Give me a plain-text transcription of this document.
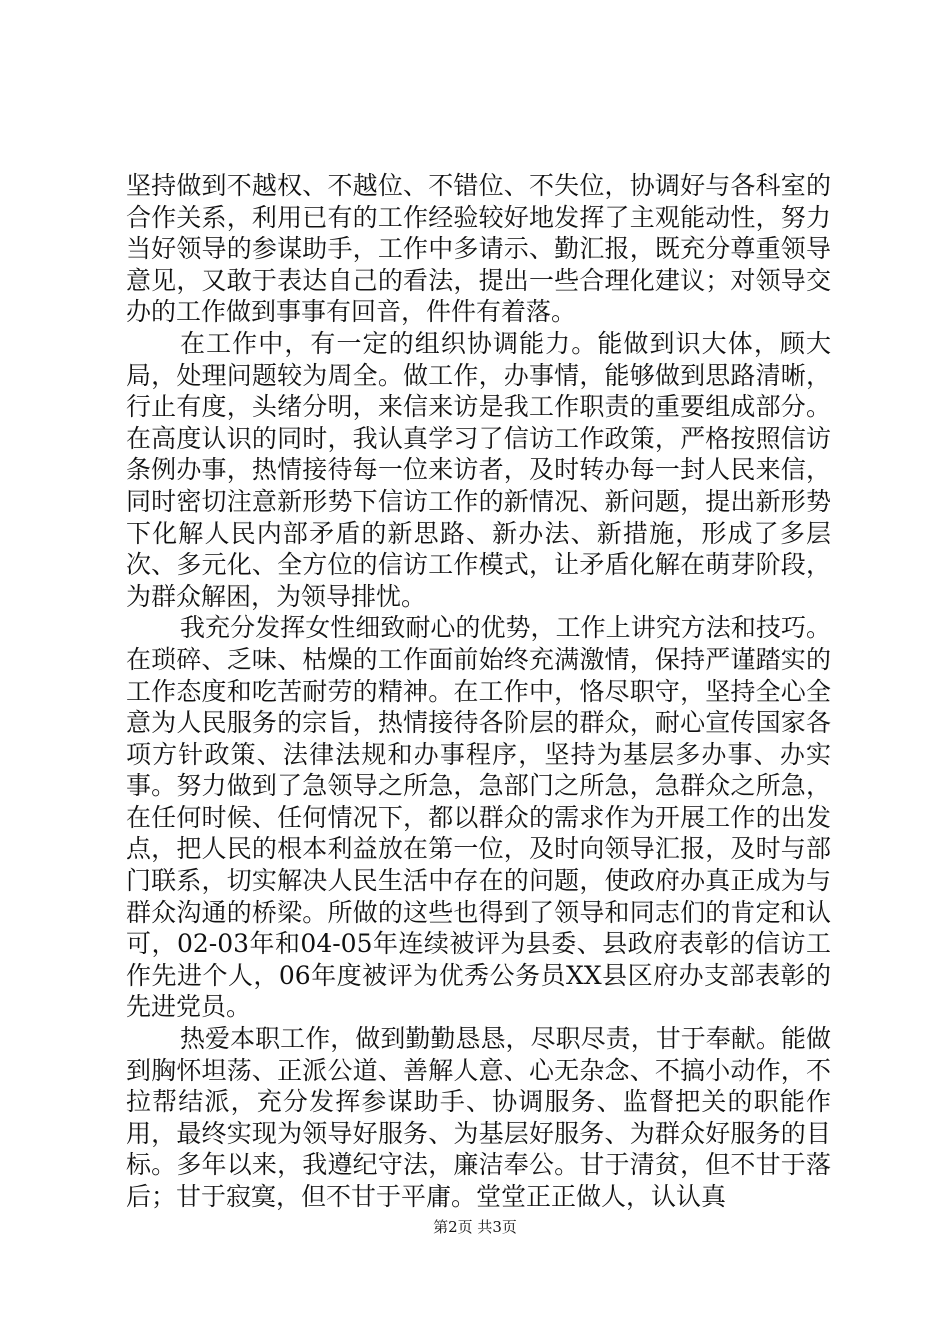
坚持做到不越权、不越位、不错位、不失位，协调好与各科室的合作关系，利用已有的工作经验较好地发挥了主观能动性，努力当好领导的参谋助手，工作中多请示、勤汇报，既充分尊重领导意见，又敢于表达自己的看法，提出一些合理化建议；对领导交办的工作做到事事有回音，件件有着落。

在工作中，有一定的组织协调能力。能做到识大体，顾大局，处理问题较为周全。做工作，办事情，能够做到思路清晰，行止有度，头绪分明，来信来访是我工作职责的重要组成部分。在高度认识的同时，我认真学习了信访工作政策，严格按照信访条例办事，热情接待每一位来访者，及时转办每一封人民来信，同时密切注意新形势下信访工作的新情况、新问题，提出新形势下化解人民内部矛盾的新思路、新办法、新措施，形成了多层次、多元化、全方位的信访工作模式，让矛盾化解在萌芽阶段，为群众解困，为领导排忧。

我充分发挥女性细致耐心的优势，工作上讲究方法和技巧。在琐碎、乏味、枯燥的工作面前始终充满激情，保持严谨踏实的工作态度和吃苦耐劳的精神。在工作中，恪尽职守，坚持全心全意为人民服务的宗旨，热情接待各阶层的群众，耐心宣传国家各项方针政策、法律法规和办事程序，坚持为基层多办事、办实事。努力做到了急领导之所急，急部门之所急，急群众之所急，在任何时候、任何情况下，都以群众的需求作为开展工作的出发点，把人民的根本利益放在第一位，及时向领导汇报，及时与部门联系，切实解决人民生活中存在的问题，使政府办真正成为与群众沟通的桥梁。所做的这些也得到了领导和同志们的肯定和认可，02-03年和04-05年连续被评为县委、县政府表彰的信访工作先进个人，06年度被评为优秀公务员XX县区府办支部表彰的先进党员。

热爱本职工作，做到勤勤恳恳，尽职尽责，甘于奉献。能做到胸怀坦荡、正派公道、善解人意、心无杂念、不搞小动作，不拉帮结派，充分发挥参谋助手、协调服务、监督把关的职能作用，最终实现为领导好服务、为基层好服务、为群众好服务的目标。多年以来，我遵纪守法，廉洁奉公。甘于清贫，但不甘于落后；甘于寂寞，但不甘于平庸。堂堂正正做人，认认真

第2页 共3页
